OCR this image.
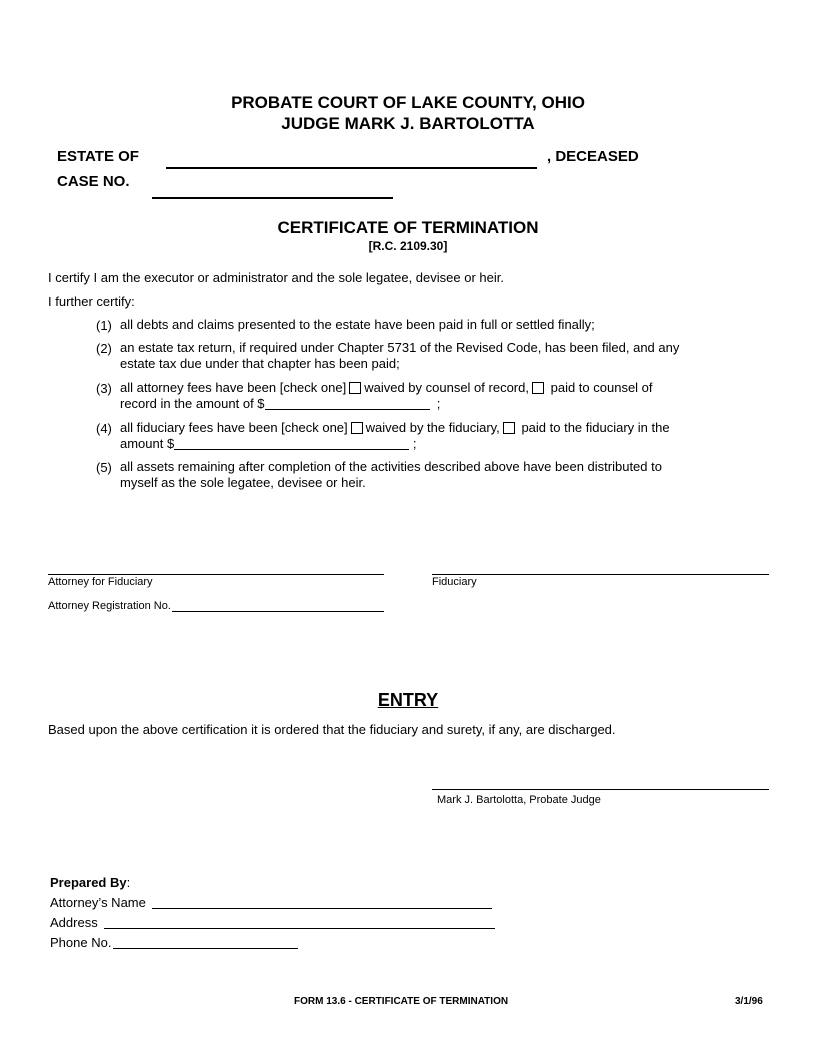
PROBATE COURT OF LAKE COUNTY, OHIO
JUDGE MARK J. BARTOLOTTA
ESTATE OF	, DECEASED
CASE NO.
CERTIFICATE OF TERMINATION
[R.C. 2109.30]
I certify I am the executor or administrator and the sole legatee, devisee or heir.
I further certify:
(1) all debts and claims presented to the estate have been paid in full or settled finally;
(2) an estate tax return, if required under Chapter 5731 of the Revised Code, has been filed, and any estate tax due under that chapter has been paid;
(3) all attorney fees have been [check one] waived by counsel of record, paid to counsel of record in the amount of $	;
(4) all fiduciary fees have been [check one] waived by the fiduciary, paid to the fiduciary in the amount $	;
(5) all assets remaining after completion of the activities described above have been distributed to myself as the sole legatee, devisee or heir.
Attorney for Fiduciary	Fiduciary
Attorney Registration No.
ENTRY
Based upon the above certification it is ordered that the fiduciary and surety, if any, are discharged.
Mark J. Bartolotta, Probate Judge
Prepared By:
Attorney’s Name
Address
Phone No.
FORM 13.6 - CERTIFICATE OF TERMINATION	3/1/96
